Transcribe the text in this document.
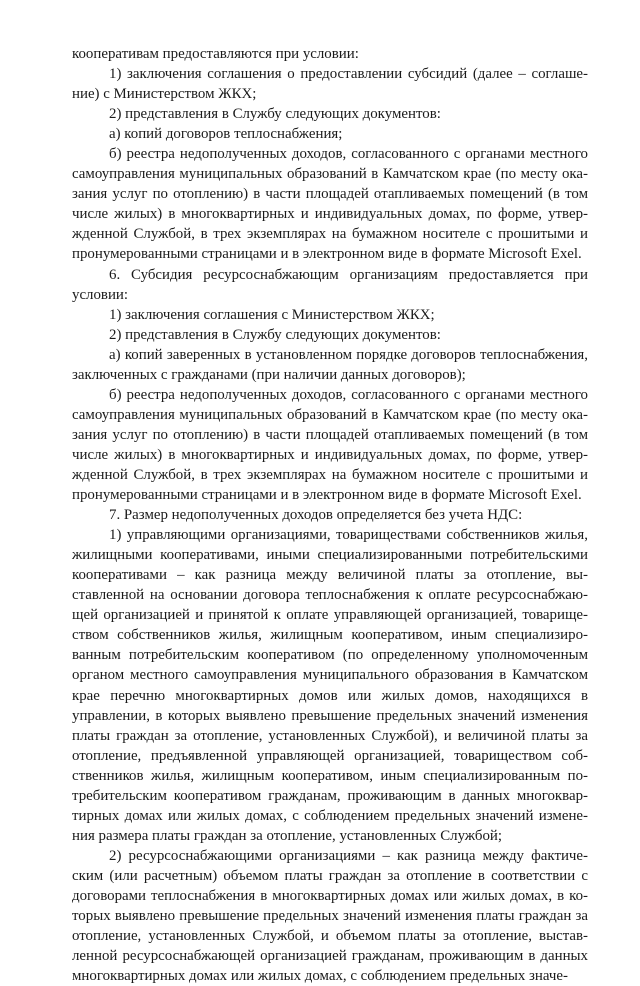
кооперативам предоставляются при условии:

1) заключения соглашения о предоставлении субсидий (далее – соглашение) с Министерством ЖКХ;

2) представления в Службу следующих документов:

а) копий договоров теплоснабжения;

б) реестра недополученных доходов, согласованного с органами местного самоуправления муниципальных образований в Камчатском крае (по месту оказания услуг по отоплению) в части площадей отапливаемых помещений (в том числе жилых) в многоквартирных и индивидуальных домах, по форме, утвержденной Службой, в трех экземплярах на бумажном носителе с прошитыми и пронумерованными страницами и в электронном виде в формате Microsoft Exel.

6. Субсидия ресурсоснабжающим организациям предоставляется при условии:

1) заключения соглашения с Министерством ЖКХ;

2) представления в Службу следующих документов:

а) копий заверенных в установленном порядке договоров теплоснабжения, заключенных с гражданами (при наличии данных договоров);

б) реестра недополученных доходов, согласованного с органами местного самоуправления муниципальных образований в Камчатском крае (по месту оказания услуг по отоплению) в части площадей отапливаемых помещений (в том числе жилых) в многоквартирных и индивидуальных домах, по форме, утвержденной Службой, в трех экземплярах на бумажном носителе с прошитыми и пронумерованными страницами и в электронном виде в формате Microsoft Exel.

7. Размер недополученных доходов определяется без учета НДС:

1) управляющими организациями, товариществами собственников жилья, жилищными кооперативами, иными специализированными потребительскими кооперативами – как разница между величиной платы за отопление, выставленной на основании договора теплоснабжения к оплате ресурсоснабжающей организацией и принятой к оплате управляющей организацией, товариществом собственников жилья, жилищным кооперативом, иным специализированным потребительским кооперативом (по определенному уполномоченным органом местного самоуправления муниципального образования в Камчатском крае перечню многоквартирных домов или жилых домов, находящихся в управлении, в которых выявлено превышение предельных значений изменения платы граждан за отопление, установленных Службой), и величиной платы за отопление, предъявленной управляющей организацией, товариществом собственников жилья, жилищным кооперативом, иным специализированным потребительским кооперативом гражданам, проживающим в данных многоквартирных домах или жилых домах, с соблюдением предельных значений изменения размера платы граждан за отопление, установленных Службой;

2) ресурсоснабжающими организациями – как разница между фактическим (или расчетным) объемом платы граждан за отопление в соответствии с договорами теплоснабжения в многоквартирных домах или жилых домах, в которых выявлено превышение предельных значений изменения платы граждан за отопление, установленных Службой, и объемом платы за отопление, выставленной ресурсоснабжающей организацией гражданам, проживающим в данных многоквартирных домах или жилых домах, с соблюдением предельных значе-
